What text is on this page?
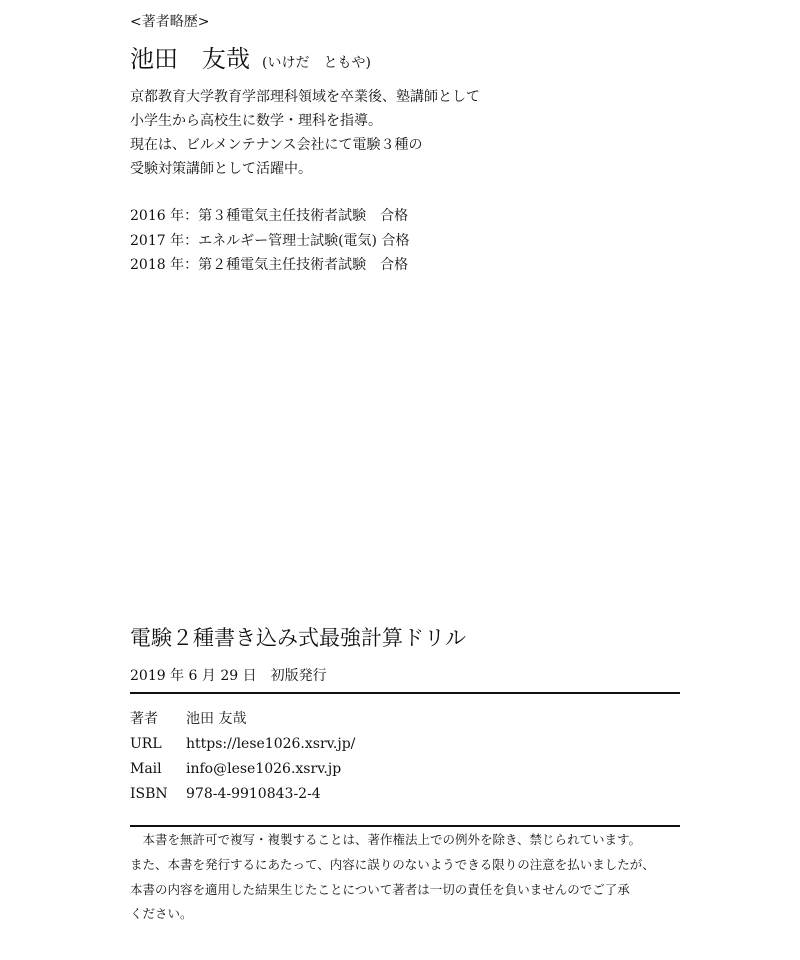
<著者略歴>
池田　友哉 (いけだ　ともや)
京都教育大学教育学部理科領域を卒業後、塾講師として
小学生から高校生に数学・理科を指導。
現在は、ビルメンテナンス会社にて電験３種の
受験対策講師として活躍中。
2016 年：第３種電気主任技術者試験　合格
2017 年：エネルギー管理士試験(電気) 合格
2018 年：第２種電気主任技術者試験　合格
電験２種書き込み式最強計算ドリル
2019 年 6 月 29 日　初版発行
著者 池田 友哉
URL https://lese1026.xsrv.jp/
Mail info@lese1026.xsrv.jp
ISBN 978-4-9910843-2-4
　本書を無許可で複写・複製することは、著作権法上での例外を除き、禁じられています。
また、本書を発行するにあたって、内容に誤りのないようできる限りの注意を払いましたが、
本書の内容を適用した結果生じたことについて著者は一切の責任を負いませんのでご了承
ください。
